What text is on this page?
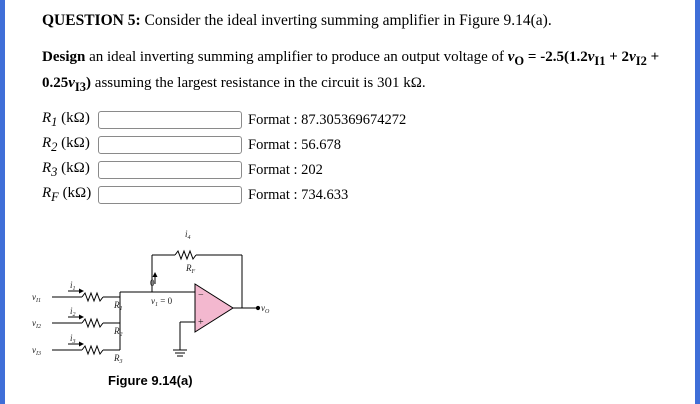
QUESTION 5: Consider the ideal inverting summing amplifier in Figure 9.14(a).
Design an ideal inverting summing amplifier to produce an output voltage of $v_O = -2.5(1.2v_{I1} + 2v_{I2}$ +
$0.25v_{I3}$) assuming the largest resistance in the circuit is 301 kΩ.
$R_1$ (kΩ)	Format : 87.305369674272
$R_2$ (kΩ)	Format : 56.678
$R_3$ (kΩ)	Format : 202
$R_F$ (kΩ)	Format : 734.633
$v_{I1}$
$v_{I2}$
$v_{I3}$
$i_1$
$i_2$
$i_3$
$i_4$
$R_1$
$R_2$
$R_3$
$R_F$
0
$v_1 = 0$	−
+
$v_O$
Figure 9.14(a)
